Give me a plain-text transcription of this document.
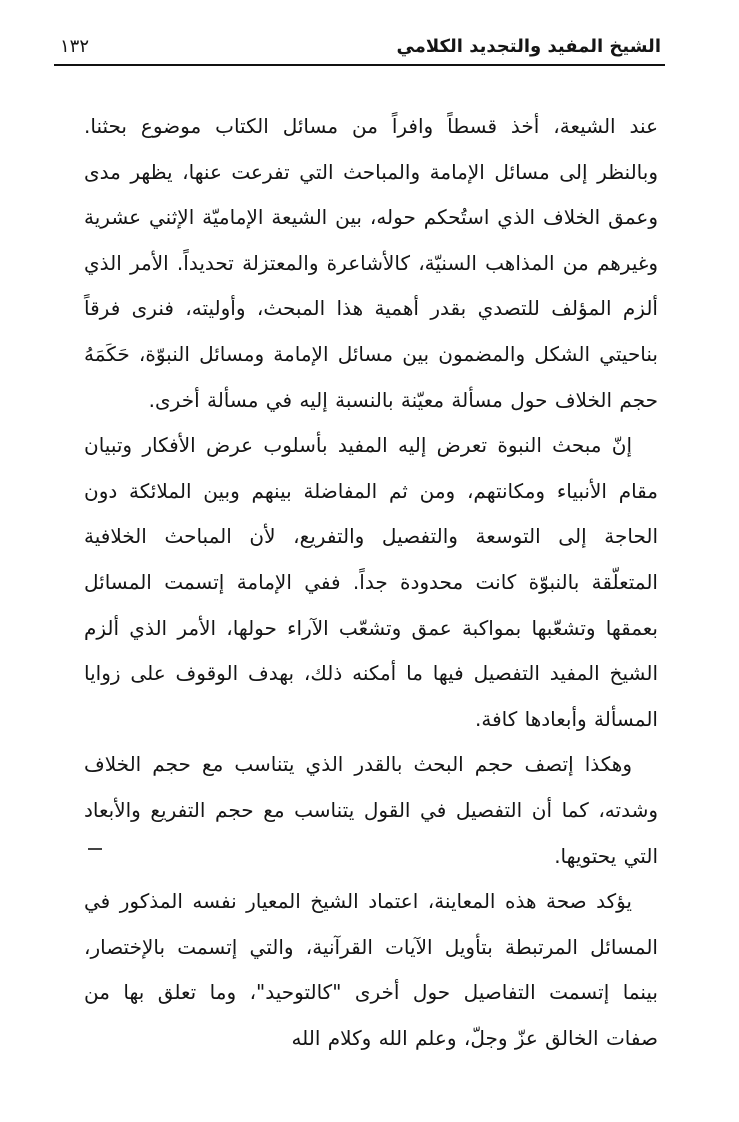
الشيخ المفيد والتجديد الكلامي
١٣٢

عند الشيعة، أخذ قسطاً وافراً من مسائل الكتاب موضوع بحثنا. وبالنظر إلى مسائل الإمامة والمباحث التي تفرعت عنها، يظهر مدى وعمق الخلاف الذي استُحكم حوله، بين الشيعة الإماميّة الإثني عشرية وغيرهم من المذاهب السنيّة، كالأشاعرة والمعتزلة تحديداً. الأمر الذي ألزم المؤلف للتصدي بقدر أهمية هذا المبحث، وأوليته، فنرى فرقاً بناحيتي الشكل والمضمون بين مسائل الإمامة ومسائل النبوّة، حَكَمَهُ حجم الخلاف حول مسألة معيّنة بالنسبة إليه في مسألة أخرى.

إنّ مبحث النبوة تعرض إليه المفيد بأسلوب عرض الأفكار وتبيان مقام الأنبياء ومكانتهم، ومن ثم المفاضلة بينهم وبين الملائكة دون الحاجة إلى التوسعة والتفصيل والتفريع، لأن المباحث الخلافية المتعلّقة بالنبوّة كانت محدودة جداً. ففي الإمامة إتسمت المسائل بعمقها وتشعّبها بمواكبة عمق وتشعّب الآراء حولها، الأمر الذي ألزم الشيخ المفيد التفصيل فيها ما أمكنه ذلك، بهدف الوقوف على زوايا المسألة وأبعادها كافة.

وهكذا إتصف حجم البحث بالقدر الذي يتناسب مع حجم الخلاف وشدته، كما أن التفصيل في القول يتناسب مع حجم التفريع والأبعاد التي يحتويها.

يؤكد صحة هذه المعاينة، اعتماد الشيخ المعيار نفسه المذكور في المسائل المرتبطة بتأويل الآيات القرآنية، والتي إتسمت بالإختصار، بينما إتسمت التفاصيل حول أخرى "كالتوحيد"، وما تعلق بها من صفات الخالق عزّ وجلّ، وعلم الله وكلام الله
